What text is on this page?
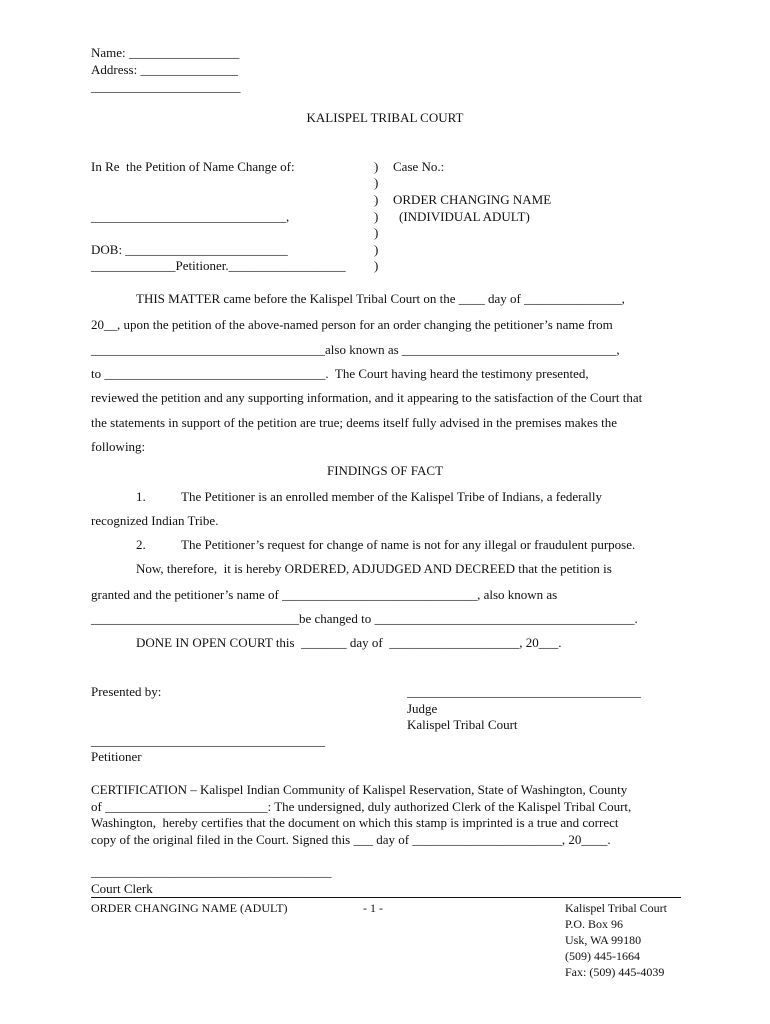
Name: _________________
Address: _______________
_______________________
KALISPEL TRIBAL COURT
In Re  the Petition of Name Change of:
______________________________,
DOB: _________________________
_____________Petitioner.__________________
)
)
)
)
)
)
)
Case No.:
ORDER CHANGING NAME
(INDIVIDUAL ADULT)
THIS MATTER came before the Kalispel Tribal Court on the ____ day of _______________,
20__, upon the petition of the above-named person for an order changing the petitioner’s name from
____________________________________also known as _________________________________,
to __________________________________.  The Court having heard the testimony presented,
reviewed the petition and any supporting information, and it appearing to the satisfaction of the Court that
the statements in support of the petition are true; deems itself fully advised in the premises makes the
following:
FINDINGS OF FACT
1.	The Petitioner is an enrolled member of the Kalispel Tribe of Indians, a federally
recognized Indian Tribe.
2.	The Petitioner’s request for change of name is not for any illegal or fraudulent purpose.
Now, therefore,  it is hereby ORDERED, ADJUDGED AND DECREED that the petition is
granted and the petitioner’s name of ______________________________, also known as
________________________________be changed to ________________________________________.
DONE IN OPEN COURT this  _______ day of  ____________________, 20___.
Presented by:	____________________________________
Judge
Kalispel Tribal Court
____________________________________
Petitioner
CERTIFICATION – Kalispel Indian Community of Kalispel Reservation, State of Washington, County
of _________________________: The undersigned, duly authorized Clerk of the Kalispel Tribal Court,
Washington,  hereby certifies that the document on which this stamp is imprinted is a true and correct
copy of the original filed in the Court. Signed this ___ day of _______________________, 20____.
_____________________________________
Court Clerk
ORDER CHANGING NAME (ADULT)	- 1 -	Kalispel Tribal Court
P.O. Box 96
Usk, WA 99180
(509) 445-1664
Fax: (509) 445-4039
